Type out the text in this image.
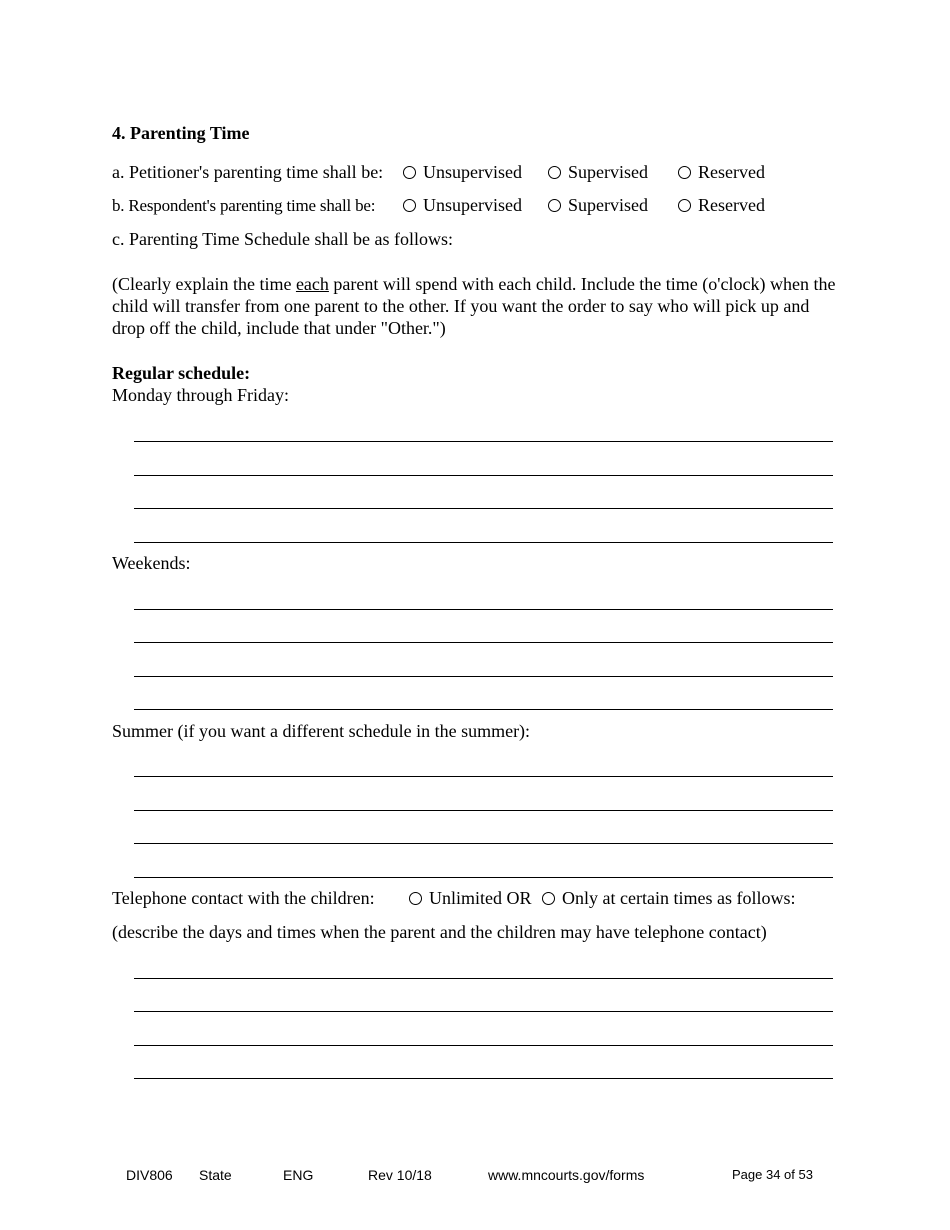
4. Parenting Time
a. Petitioner's parenting time shall be:	Unsupervised	Supervised	Reserved
b. Respondent's parenting time shall be:	Unsupervised	Supervised	Reserved
c. Parenting Time Schedule shall be as follows:
(Clearly explain the time each parent will spend with each child. Include the time (o'clock) when the child will transfer from one parent to the other. If you want the order to say who will pick up and drop off the child, include that under "Other.")
Regular schedule:
Monday through Friday:
Weekends:
Summer (if you want a different schedule in the summer):
Telephone contact with the children:	Unlimited OR	Only at certain times as follows:
(describe the days and times when the parent and the children may have telephone contact)
DIV806 State	ENG	Rev 10/18	www.mncourts.gov/forms	Page 34 of 53
